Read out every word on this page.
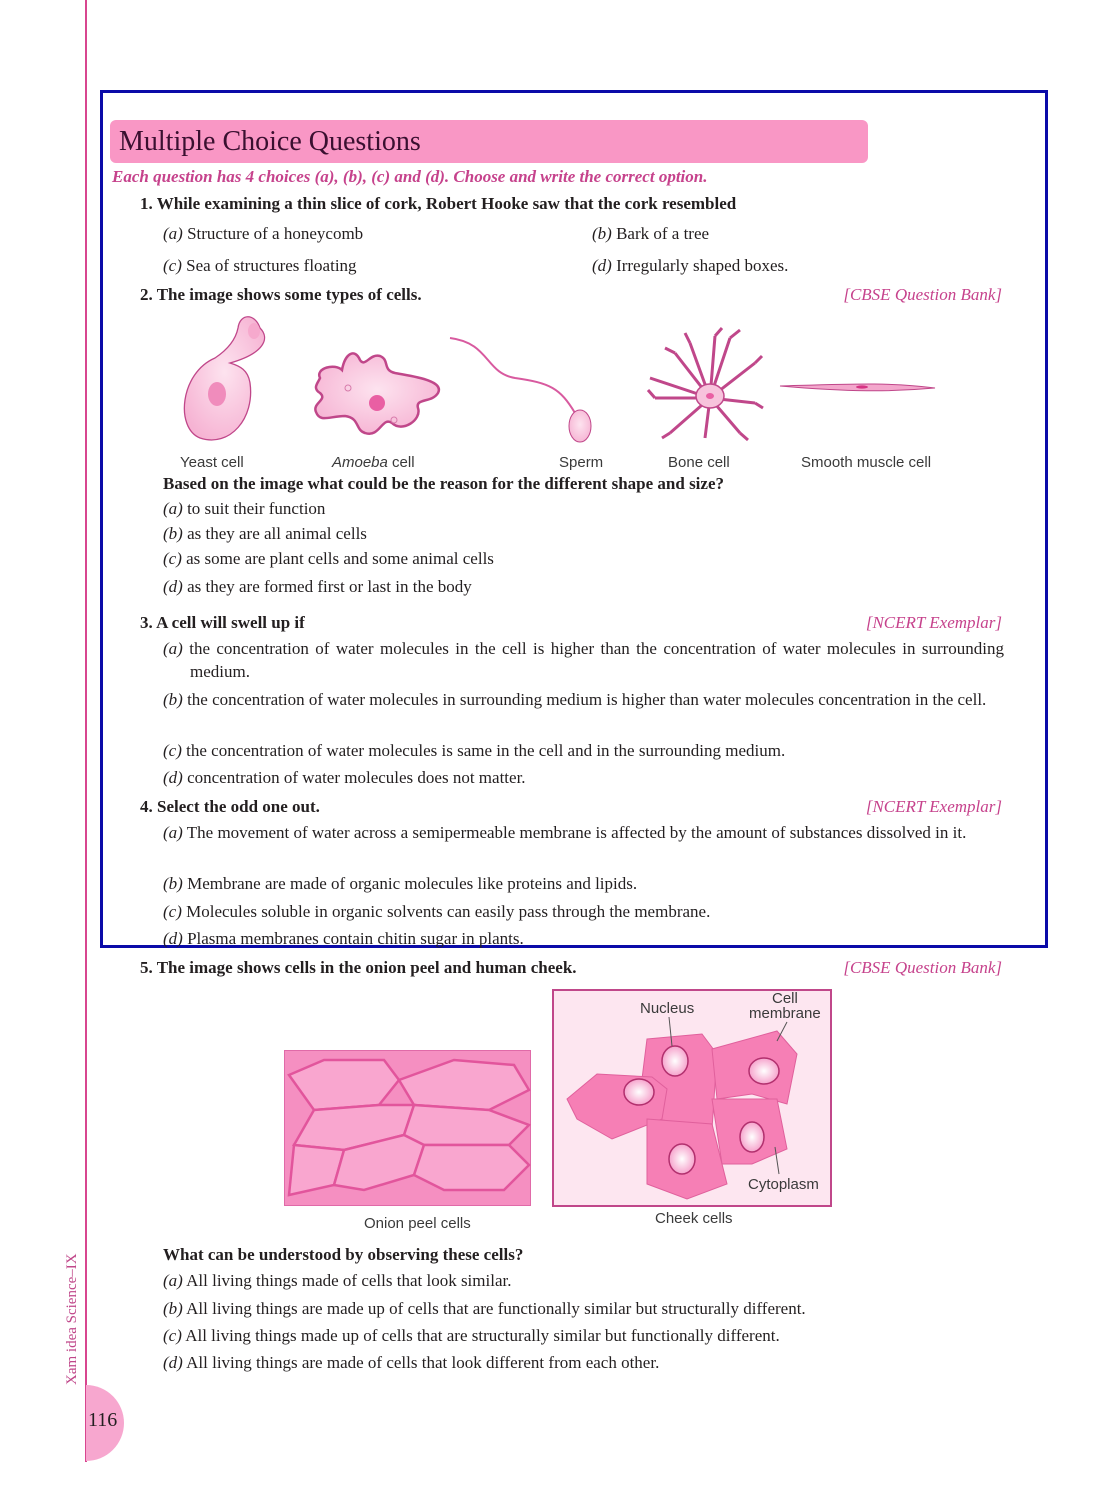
Xam idea Science–IX
116
Multiple Choice Questions
Each question has 4 choices (a), (b), (c) and (d). Choose and write the correct option.
1. While examining a thin slice of cork, Robert Hooke saw that the cork resembled
(a) Structure of a honeycomb	(b) Bark of a tree
(c) Sea of structures floating	(d) Irregularly shaped boxes.
2. The image shows some types of cells.	[CBSE Question Bank]
Yeast cell	Amoeba cell	Sperm	Bone cell	Smooth muscle cell
Based on the image what could be the reason for the different shape and size?
(a) to suit their function
(b) as they are all animal cells
(c) as some are plant cells and some animal cells
(d) as they are formed first or last in the body
3. A cell will swell up if	[NCERT Exemplar]
(a) the concentration of water molecules in the cell is higher than the concentration of water molecules in surrounding medium.
(b) the concentration of water molecules in surrounding medium is higher than water molecules concentration in the cell.
(c) the concentration of water molecules is same in the cell and in the surrounding medium.
(d) concentration of water molecules does not matter.
4. Select the odd one out.	[NCERT Exemplar]
(a) The movement of water across a semipermeable membrane is affected by the amount of substances dissolved in it.
(b) Membrane are made of organic molecules like proteins and lipids.
(c) Molecules soluble in organic solvents can easily pass through the membrane.
(d) Plasma membranes contain chitin sugar in plants.
5. The image shows cells in the onion peel and human cheek.	[CBSE Question Bank]
Onion peel cells
Nucleus
Cell
membrane
Cytoplasm
Cheek cells
What can be understood by observing these cells?
(a) All living things made of cells that look similar.
(b) All living things are made up of cells that are functionally similar but structurally different.
(c) All living things made up of cells that are structurally similar but functionally different.
(d) All living things are made of cells that look different from each other.
